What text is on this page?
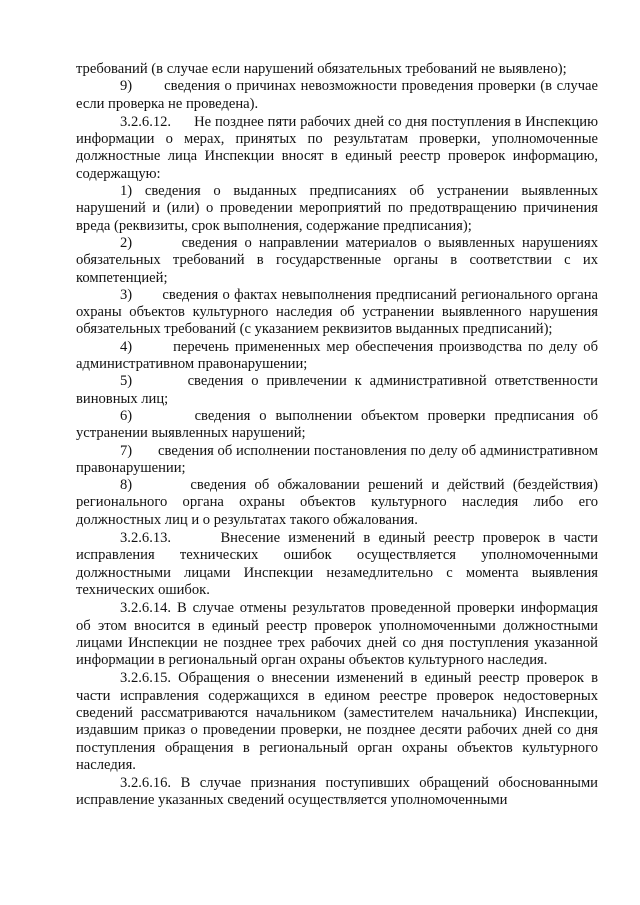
требований (в случае если нарушений обязательных требований не выявлено);

9)       сведения о причинах невозможности проведения проверки (в случае если проверка не проведена).

3.2.6.12.      Не позднее пяти рабочих дней со дня поступления в Инспекцию информации о мерах, принятых по результатам проверки, уполномоченные должностные лица Инспекции вносят в единый реестр проверок информацию, содержащую:

1) сведения о выданных предписаниях об устранении выявленных нарушений и (или) о проведении мероприятий по предотвращению причинения вреда (реквизиты, срок выполнения, содержание предписания);

2)       сведения о направлении материалов о выявленных нарушениях обязательных требований в государственные органы в соответствии с их компетенцией;

3)       сведения о фактах невыполнения предписаний регионального органа охраны объектов культурного наследия об устранении выявленного нарушения обязательных требований (с указанием реквизитов выданных предписаний);

4)       перечень примененных мер обеспечения производства по делу об административном правонарушении;

5)       сведения о привлечении к административной ответственности виновных лиц;

6)       сведения о выполнении объектом проверки предписания об устранении выявленных нарушений;

7)       сведения об исполнении постановления по делу об административном правонарушении;

8)       сведения об обжаловании решений и действий (бездействия) регионального органа охраны объектов культурного наследия либо его должностных лиц и о результатах такого обжалования.

3.2.6.13.      Внесение изменений в единый реестр проверок в части исправления технических ошибок осуществляется уполномоченными должностными лицами Инспекции незамедлительно с момента выявления технических ошибок.

3.2.6.14. В случае отмены результатов проведенной проверки информация об этом вносится в единый реестр проверок уполномоченными должностными лицами Инспекции не позднее трех рабочих дней со дня поступления указанной информации в региональный орган охраны объектов культурного наследия.

3.2.6.15. Обращения о внесении изменений в единый реестр проверок в части исправления содержащихся в едином реестре проверок недостоверных сведений рассматриваются начальником (заместителем начальника) Инспекции, издавшим приказ о проведении проверки, не позднее десяти рабочих дней со дня поступления обращения в региональный орган охраны объектов культурного наследия.

3.2.6.16. В случае признания поступивших обращений обоснованными исправление указанных сведений осуществляется уполномоченными
